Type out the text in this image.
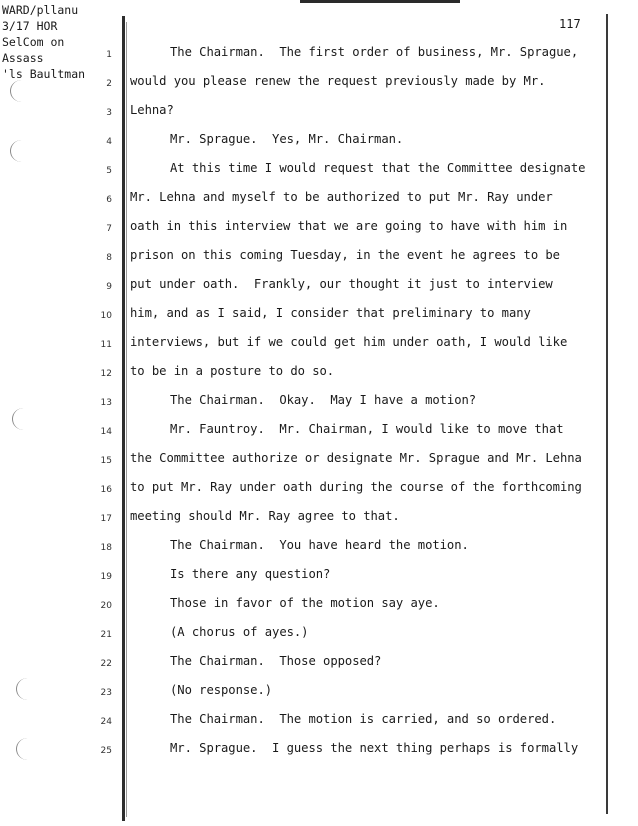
WARD/pllanu
3/17 HOR
SelCom on
Assass
'ls Baultman
117
1
2
3
4
5
6
7
8
9
10
11
12
13
14
15
16
17
18
19
20
21
22
23
24
25
The Chairman.  The first order of business, Mr. Sprague,
would you please renew the request previously made by Mr.
Lehna?
Mr. Sprague.  Yes, Mr. Chairman.
At this time I would request that the Committee designate
Mr. Lehna and myself to be authorized to put Mr. Ray under
oath in this interview that we are going to have with him in
prison on this coming Tuesday, in the event he agrees to be
put under oath.  Frankly, our thought it just to interview
him, and as I said, I consider that preliminary to many
interviews, but if we could get him under oath, I would like
to be in a posture to do so.
The Chairman.  Okay.  May I have a motion?
Mr. Fauntroy.  Mr. Chairman, I would like to move that
the Committee authorize or designate Mr. Sprague and Mr. Lehna
to put Mr. Ray under oath during the course of the forthcoming
meeting should Mr. Ray agree to that.
The Chairman.  You have heard the motion.
Is there any question?
Those in favor of the motion say aye.
(A chorus of ayes.)
The Chairman.  Those opposed?
(No response.)
The Chairman.  The motion is carried, and so ordered.
Mr. Sprague.  I guess the next thing perhaps is formally
